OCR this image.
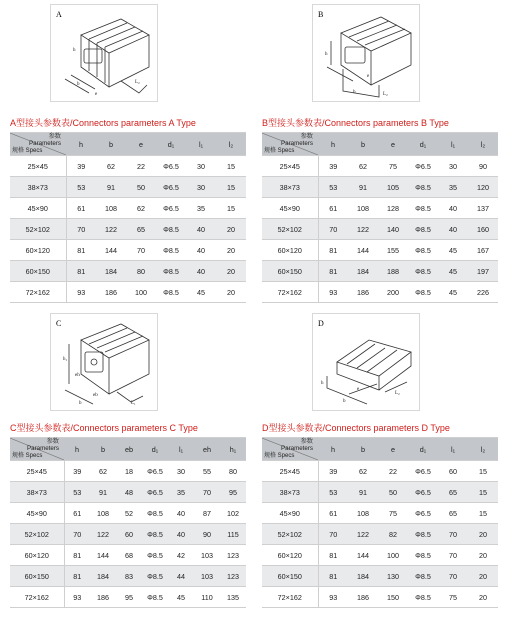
A
h
b
e
L₂
B
h
b
e
L₂
A型接头参数表/Connectors parameters A Type
参数
Parameters
规格 Specs	h	b	e	d₁	l₁	l₂
25×45	39	62	22	Φ6.5	30	15
38×73	53	91	50	Φ6.5	30	15
45×90	61	108	62	Φ6.5	35	15
52×102	70	122	65	Φ8.5	40	20
60×120	81	144	70	Φ8.5	40	20
60×150	81	184	80	Φ8.5	40	20
72×162	93	186	100	Φ8.5	45	20
B型接头参数表/Connectors parameters B Type
参数
Parameters
规格 Specs	h	b	e	d₁	l₁	l₂
25×45	39	62	75	Φ6.5	30	90
38×73	53	91	105	Φ8.5	35	120
45×90	61	108	128	Φ8.5	40	137
52×102	70	122	140	Φ8.5	40	160
60×120	81	144	155	Φ8.5	45	167
60×150	81	184	188	Φ8.5	45	197
72×162	93	186	200	Φ8.5	45	226
C
h₁
eh
b
eb
L₁
D
h
b
e
L₂
C型接头参数表/Connectors parameters C Type
参数
Parameters
规格 Specs	h	b	eb	d₁	l₁	eh	h₁
25×45	39	62	18	Φ6.5	30	55	80
38×73	53	91	48	Φ6.5	35	70	95
45×90	61	108	52	Φ8.5	40	87	102
52×102	70	122	60	Φ8.5	40	90	115
60×120	81	144	68	Φ8.5	42	103	123
60×150	81	184	83	Φ8.5	44	103	123
72×162	93	186	95	Φ8.5	45	110	135
D型接头参数表/Connectors parameters D Type
参数
Parameters
规格 Specs	h	b	e	d₁	l₁	l₂
25×45	39	62	22	Φ6.5	60	15
38×73	53	91	50	Φ6.5	65	15
45×90	61	108	75	Φ6.5	65	15
52×102	70	122	82	Φ8.5	70	20
60×120	81	144	100	Φ8.5	70	20
60×150	81	184	130	Φ8.5	70	20
72×162	93	186	150	Φ8.5	75	20
